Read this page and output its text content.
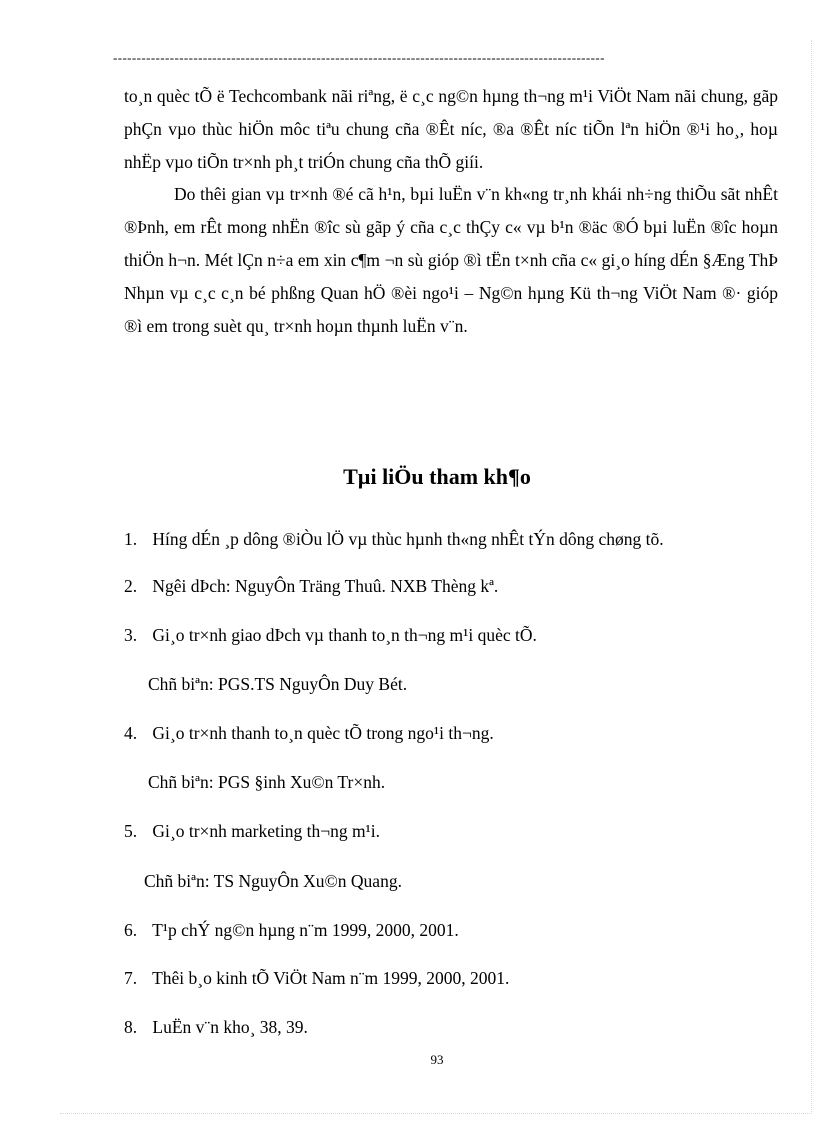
--------------------------------------------------------------------------------------------------------

to¸n quèc tÕ ë Techcombank nãi riªng, ë c¸c ng©n hµng th¬ng m¹i ViÖt Nam nãi chung, gãp phÇn vµo thùc hiÖn môc tiªu chung cña ®Êt níc, ®a ®Êt níc tiÕn lªn hiÖn ®¹i ho¸, hoµ nhËp vµo tiÕn tr×nh ph¸t triÓn chung cña thÕ giíi.

Do thêi gian vµ tr×nh ®é cã h¹n, bµi luËn v¨n kh«ng tr¸nh khái nh÷ng thiÕu sãt nhÊt ®Þnh, em rÊt mong nhËn ®îc sù gãp ý cña c¸c thÇy c« vµ b¹n ®äc ®Ó bµi luËn ®îc hoµn thiÖn h¬n. Mét lÇn n÷a em xin c¶m ¬n sù gióp ®ì tËn t×nh cña c« gi¸o híng dÉn §Æng ThÞ Nhµn vµ c¸c c¸n bé phßng Quan hÖ ®èi ngo¹i – Ng©n hµng Kü th¬ng ViÖt Nam ®· gióp ®ì em trong suèt qu¸ tr×nh hoµn thµnh luËn v¨n.

Tµi liÖu tham kh¶o
1. Híng dÉn ¸p dông ®iÒu lÖ vµ thùc hµnh th«ng nhÊt tÝn dông chøng tõ.
2. Ngêi dÞch: NguyÔn Träng Thuû. NXB Thèng kª.
3. Gi¸o tr×nh giao dÞch vµ thanh to¸n th¬ng m¹i quèc tÕ.
Chñ biªn: PGS.TS NguyÔn Duy Bét.
4. Gi¸o tr×nh thanh to¸n quèc tÕ trong ngo¹i th¬ng.
Chñ biªn: PGS §inh Xu©n Tr×nh.
5. Gi¸o tr×nh marketing th¬ng m¹i.
Chñ biªn: TS NguyÔn Xu©n Quang.
6. T¹p chÝ ng©n hµng n¨m 1999, 2000, 2001.
7. Thêi b¸o kinh tÕ ViÖt Nam n¨m 1999, 2000, 2001.
8. LuËn v¨n kho¸ 38, 39.
93
